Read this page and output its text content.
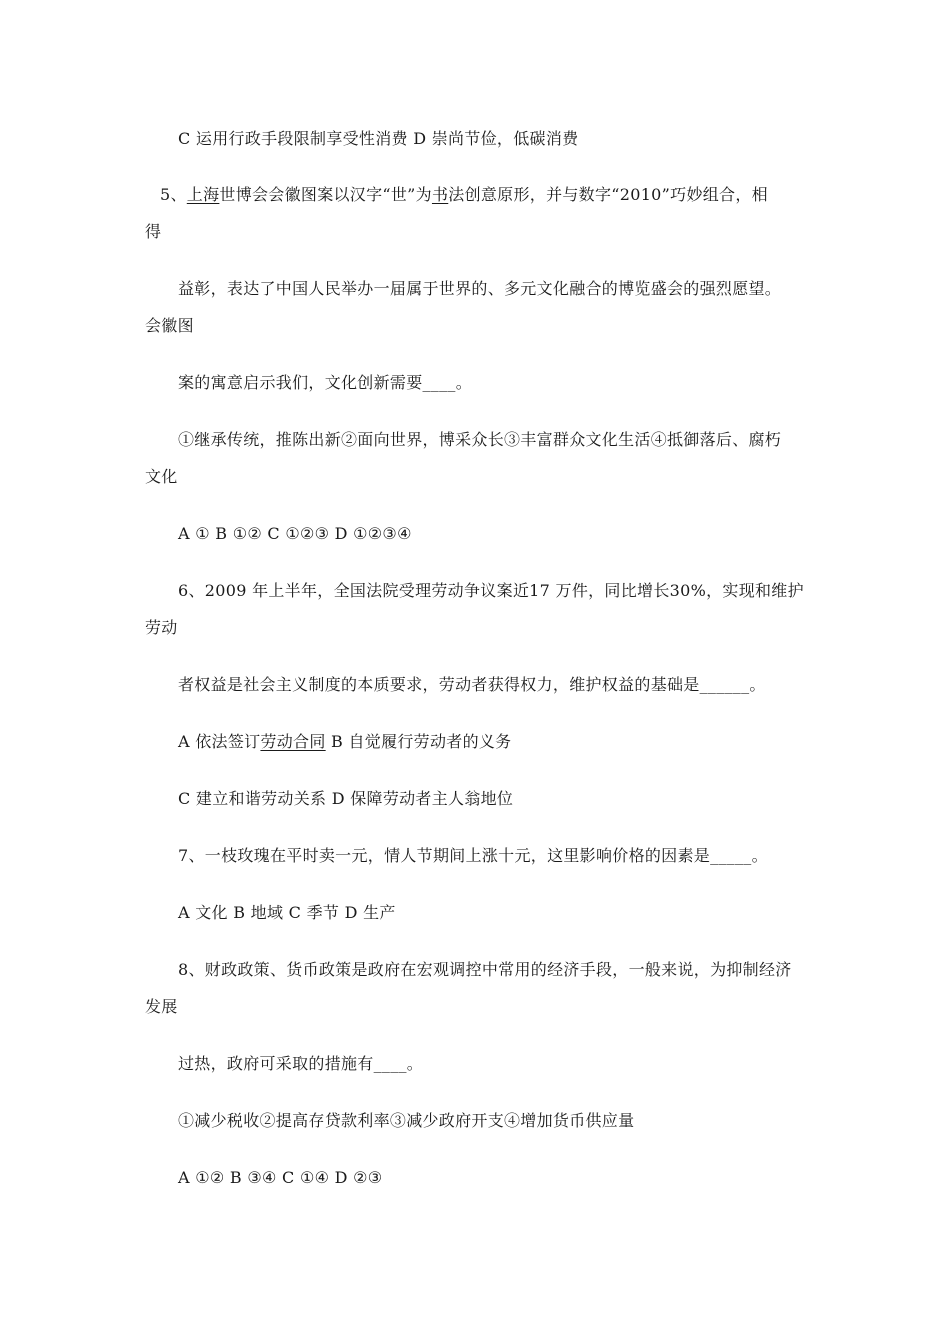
C 运用行政手段限制享受性消费 D 崇尚节俭，低碳消费
5、上海世博会会徽图案以汉字“世”为书法创意原形，并与数字“2010”巧妙组合，相
得
益彰，表达了中国人民举办一届属于世界的、多元文化融合的博览盛会的强烈愿望。
会徽图
案的寓意启示我们，文化创新需要____。
①继承传统，推陈出新②面向世界，博采众长③丰富群众文化生活④抵御落后、腐朽
文化
A ① B ①② C ①②③ D ①②③④
6、2009 年上半年，全国法院受理劳动争议案近17 万件，同比增长30%，实现和维护
劳动
者权益是社会主义制度的本质要求，劳动者获得权力，维护权益的基础是______。
A 依法签订劳动合同 B 自觉履行劳动者的义务
C 建立和谐劳动关系 D 保障劳动者主人翁地位
7、一枝玫瑰在平时卖一元，情人节期间上涨十元，这里影响价格的因素是_____。
A 文化 B 地域 C 季节 D 生产
8、财政政策、货币政策是政府在宏观调控中常用的经济手段，一般来说，为抑制经济
发展
过热，政府可采取的措施有____。
①减少税收②提高存贷款利率③减少政府开支④增加货币供应量
A ①② B ③④ C ①④ D ②③
